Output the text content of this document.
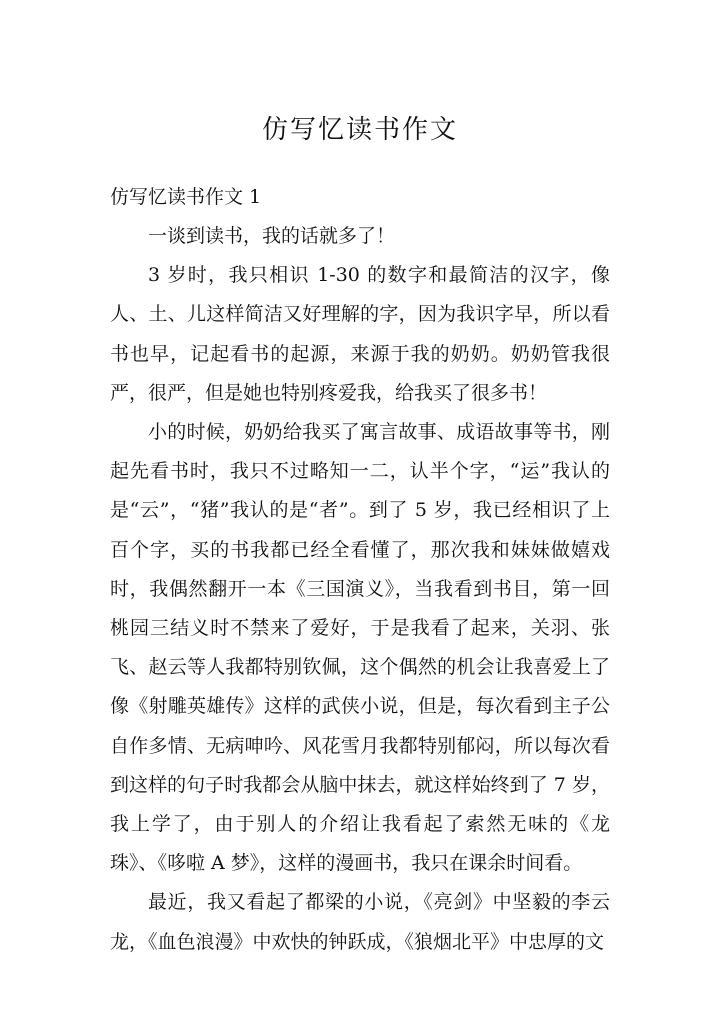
仿写忆读书作文

仿写忆读书作文 1

一谈到读书，我的话就多了！

3 岁时，我只相识 1-30 的数字和最简洁的汉字，像人、土、儿这样简洁又好理解的字，因为我识字早，所以看书也早，记起看书的起源，来源于我的奶奶。奶奶管我很严，很严，但是她也特别疼爱我，给我买了很多书！

小的时候，奶奶给我买了寓言故事、成语故事等书，刚起先看书时，我只不过略知一二，认半个字，“运”我认的是“云”，“猪”我认的是“者”。到了 5 岁，我已经相识了上百个字，买的书我都已经全看懂了，那次我和妹妹做嬉戏时，我偶然翻开一本《三国演义》，当我看到书目，第一回桃园三结义时不禁来了爱好，于是我看了起来，关羽、张飞、赵云等人我都特别钦佩，这个偶然的机会让我喜爱上了像《射雕英雄传》这样的武侠小说，但是，每次看到主子公自作多情、无病呻吟、风花雪月我都特别郁闷，所以每次看到这样的句子时我都会从脑中抹去，就这样始终到了 7 岁，我上学了，由于别人的介绍让我看起了索然无味的《龙珠》、《哆啦 A 梦》，这样的漫画书，我只在课余时间看。

最近，我又看起了都梁的小说，《亮剑》中坚毅的李云龙，《血色浪漫》中欢快的钟跃成，《狼烟北平》中忠厚的文
